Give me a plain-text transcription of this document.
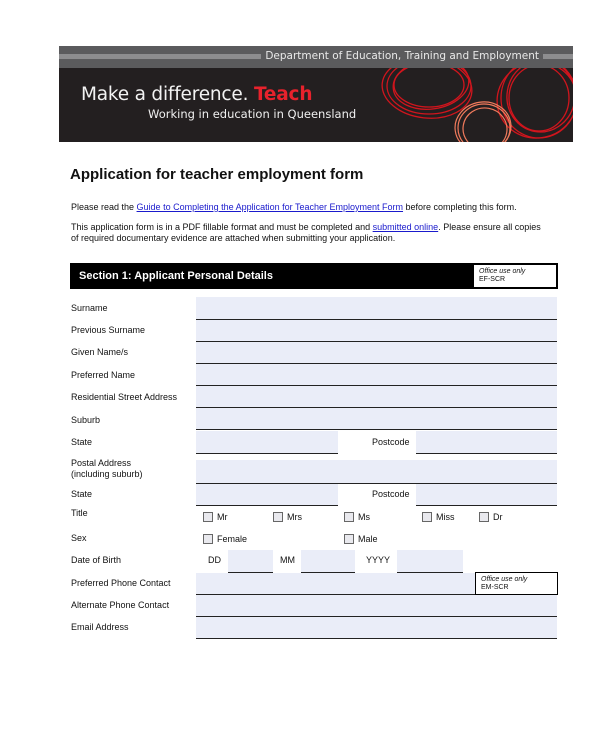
Department of Education, Training and Employment
Make a difference. Teach
Working in education in Queensland
Application for teacher employment form
Please read the Guide to Completing the Application for Teacher Employment Form before completing this form.
This application form is in a PDF fillable format and must be completed and submitted online. Please ensure all copies of required documentary evidence are attached when submitting your application.
Section 1: Applicant Personal Details	Office use only
EF-SCR
Surname
Previous Surname
Given Name/s
Preferred Name
Residential Street Address
Suburb
State	Postcode
Postal Address
(including suburb)
State	Postcode
Title	Mr	Mrs	Ms	Miss	Dr
Sex	Female	Male
Date of Birth	DD	MM	YYYY
Preferred Phone Contact	Office use only
EM-SCR
Alternate Phone Contact
Email Address
